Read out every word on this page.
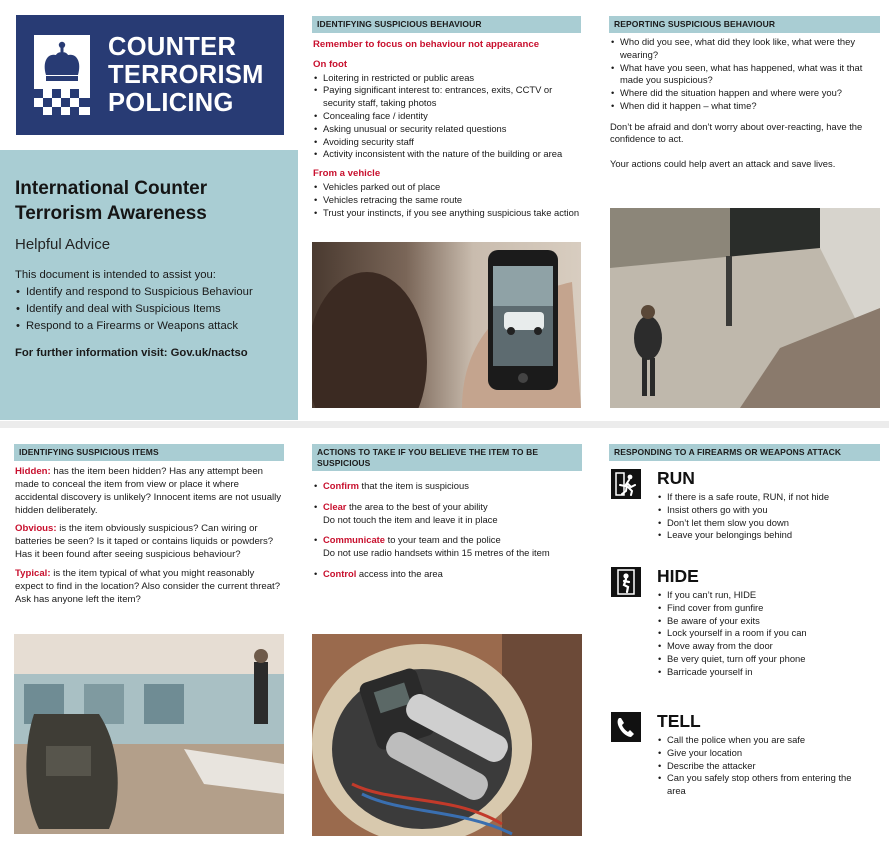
COUNTER
TERRORISM
POLICING
International Counter
Terrorism Awareness
Helpful Advice
This document is intended to assist you:
• Identify and respond to Suspicious Behaviour
• Identify and deal with Suspicious Items
• Respond to a Firearms or Weapons attack
For further information visit: Gov.uk/nactso
IDENTIFYING SUSPICIOUS BEHAVIOUR
Remember to focus on behaviour not appearance
On foot
• Loitering in restricted or public areas
• Paying significant interest to: entrances, exits, CCTV or security staff, taking photos
• Concealing face / identity
• Asking unusual or security related questions
• Avoiding security staff
• Activity inconsistent with the nature of the building or area
From a vehicle
• Vehicles parked out of place
• Vehicles retracing the same route
• Trust your instincts, if you see anything suspicious take action
REPORTING SUSPICIOUS BEHAVIOUR
• Who did you see, what did they look like, what were they wearing?
• What have you seen, what has happened, what was it that made you suspicious?
• Where did the situation happen and where were you?
• When did it happen – what time?
Don’t be afraid and don’t worry about over-reacting, have the confidence to act.
Your actions could help avert an attack and save lives.
IDENTIFYING SUSPICIOUS ITEMS
Hidden: has the item been hidden? Has any attempt been made to conceal the item from view or place it where accidental discovery is unlikely? Innocent items are not usually hidden deliberately.
Obvious: is the item obviously suspicious? Can wiring or batteries be seen? Is it taped or contains liquids or powders? Has it been found after seeing suspicious behaviour?
Typical: is the item typical of what you might reasonably expect to find in the location? Also consider the current threat? Ask has anyone left the item?
ACTIONS TO TAKE IF YOU BELIEVE THE ITEM TO BE SUSPICIOUS
• Confirm that the item is suspicious
• Clear the area to the best of your ability
Do not touch the item and leave it in place
• Communicate to your team and the police
Do not use radio handsets within 15 metres of the item
• Control access into the area
RESPONDING TO A FIREARMS OR WEAPONS ATTACK
RUN
• If there is a safe route, RUN, if not hide
• Insist others go with you
• Don’t let them slow you down
• Leave your belongings behind
HIDE
• If you can’t run, HIDE
• Find cover from gunfire
• Be aware of your exits
• Lock yourself in a room if you can
• Move away from the door
• Be very quiet, turn off your phone
• Barricade yourself in
TELL
• Call the police when you are safe
• Give your location
• Describe the attacker
• Can you safely stop others from entering the area
